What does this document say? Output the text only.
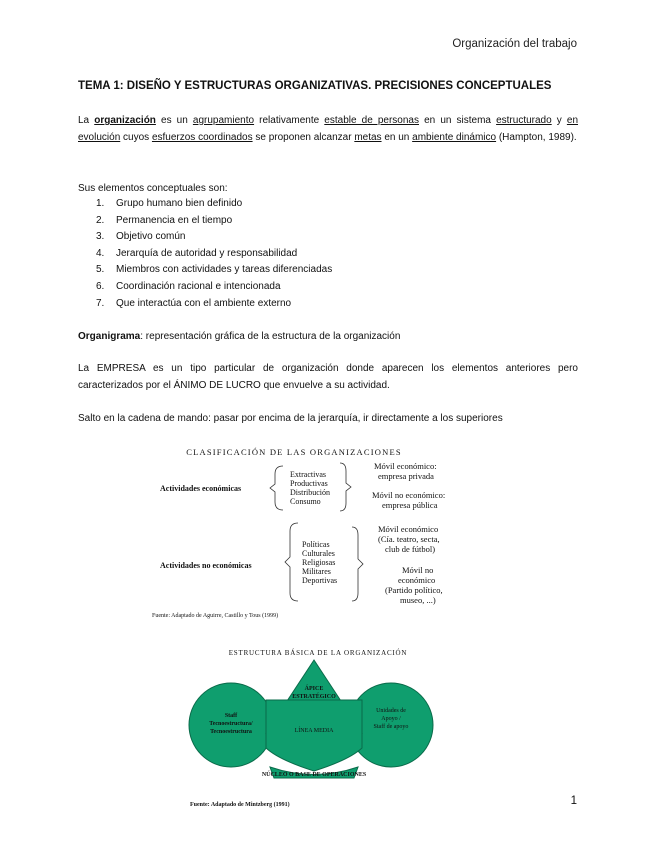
Organización del trabajo
TEMA 1: DISEÑO Y ESTRUCTURAS ORGANIZATIVAS. PRECISIONES CONCEPTUALES
La organización es un agrupamiento relativamente estable de personas en un sistema estructurado y en evolución cuyos esfuerzos coordinados se proponen alcanzar metas en un ambiente dinámico (Hampton, 1989).
Sus elementos conceptuales son:
1. Grupo humano bien definido
2. Permanencia en el tiempo
3. Objetivo común
4. Jerarquía de autoridad y responsabilidad
5. Miembros con actividades y tareas diferenciadas
6. Coordinación racional e intencionada
7. Que interactúa con el ambiente externo
Organigrama: representación gráfica de la estructura de la organización
La EMPRESA es un tipo particular de organización donde aparecen los elementos anteriores pero caracterizados por el ÁNIMO DE LUCRO que envuelve a su actividad.
Salto en la cadena de mando: pasar por encima de la jerarquía, ir directamente a los superiores
CLASIFICACIÓN DE LAS ORGANIZACIONES
Actividades económicas
Extractivas
Productivas
Distribución
Consumo
Móvil económico:
empresa privada
Móvil no económico:
empresa pública
Actividades no económicas
Políticas
Culturales
Religiosas
Militares
Deportivas
Móvil económico
(Cía. teatro, secta,
club de fútbol)
Móvil no
económico
(Partido político,
museo, ...)
Fuente: Adaptado de Aguirre, Castillo y Tous (1999)
ESTRUCTURA BÁSICA DE LA ORGANIZACIÓN
ÁPICE
ESTRATÉGICO
LÍNEA MEDIA
Staff
Tecnoestructura/
Tecnoestructura
Unidades de
Apoyo /
Staff de apoyo
NÚCLEO O BASE DE OPERACIONES
Fuente: Adaptado de Mintzberg (1991)	1
